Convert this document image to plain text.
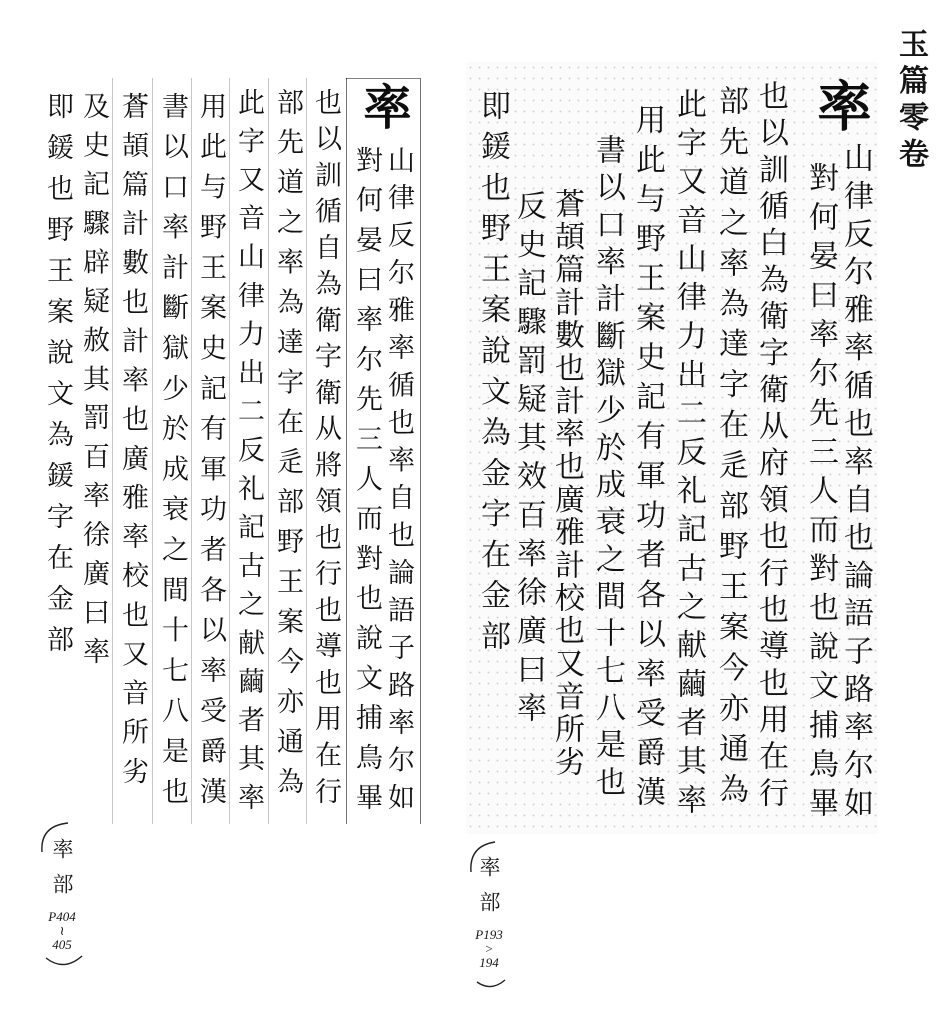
玉篇零卷
率
山律反尔雅率循也率自也論語子路率尔如
對何晏曰率尔先三人而對也說文捕鳥畢
也以訓循白為衛字衛从府領也行也導也用在行
部先道之率為達字在辵部野王案今亦通為
此字又音山律力出二反礼記古之献繭者其率
用此与野王案史記有軍功者各以率受爵漢
書以口率計斷獄少於成衰之間十七八是也
蒼頡篇計數也計率也廣雅計校也又音所劣
反史記驟罰疑其效百率徐廣曰率
即鍰也野王案說文為金字在金部
率
山律反尔雅率循也率自也論語子路率尔如
對何晏曰率尔先三人而對也說文捕鳥畢
也以訓循自為衛字衛从將領也行也導也用在行
部先道之率為達字在辵部野王案今亦通為
此字又音山律力出二反礼記古之献繭者其率
用此与野王案史記有軍功者各以率受爵漢
書以口率計斷獄少於成衰之間十七八是也
蒼頡篇計數也計率也廣雅率校也又音所劣
及史記驟辟疑赦其罰百率徐廣曰率
即鍰也野王案說文為鍰字在金部
率部
P404
≀
405
率部
P193
>
194
